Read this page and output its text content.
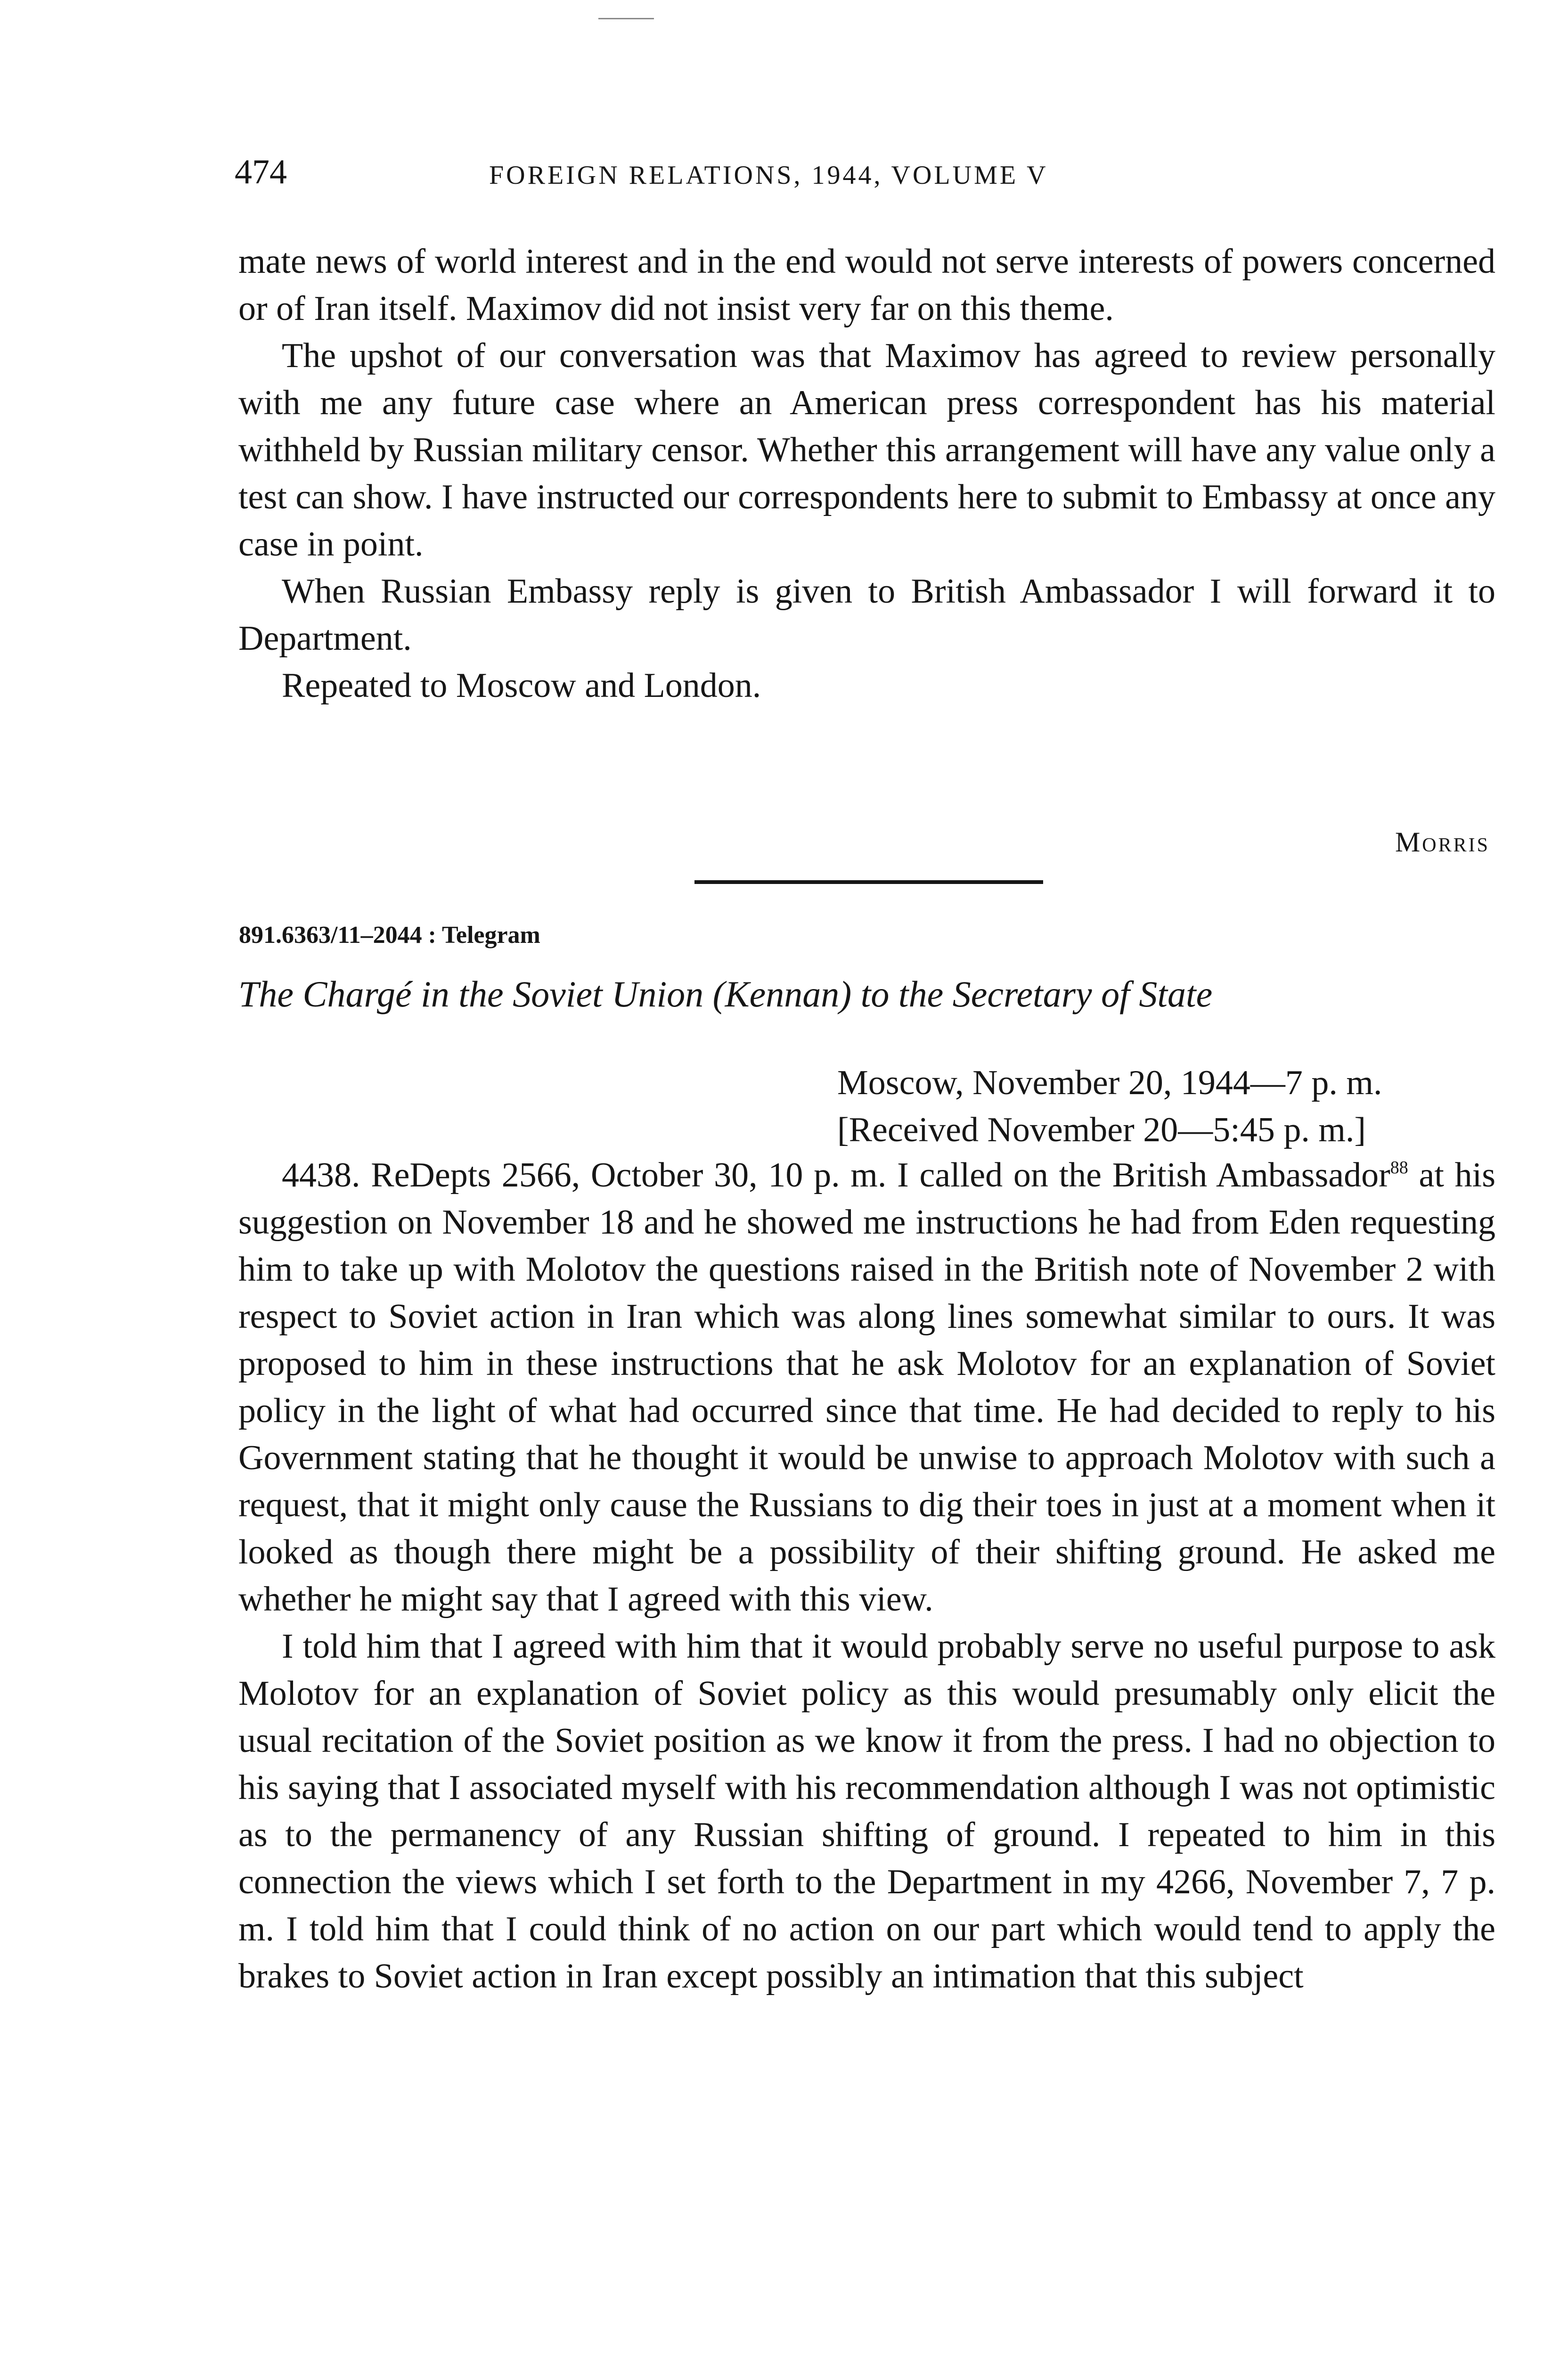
474	FOREIGN RELATIONS, 1944, VOLUME V

mate news of world interest and in the end would not serve interests of powers concerned or of Iran itself. Maximov did not insist very far on this theme.

The upshot of our conversation was that Maximov has agreed to review personally with me any future case where an American press correspondent has his material withheld by Russian military censor. Whether this arrangement will have any value only a test can show. I have instructed our correspondents here to submit to Embassy at once any case in point.

When Russian Embassy reply is given to British Ambassador I will forward it to Department.

Repeated to Moscow and London.

Morris
891.6363/11–2044 : Telegram
The Chargé in the Soviet Union (Kennan) to the Secretary of State
Moscow, November 20, 1944—7 p. m.
[Received November 20—5:45 p. m.]

4438. ReDepts 2566, October 30, 10 p. m. I called on the British Ambassador$^{88}$ at his suggestion on November 18 and he showed me instructions he had from Eden requesting him to take up with Molotov the questions raised in the British note of November 2 with respect to Soviet action in Iran which was along lines somewhat similar to ours. It was proposed to him in these instructions that he ask Molotov for an explanation of Soviet policy in the light of what had occurred since that time. He had decided to reply to his Government stating that he thought it would be unwise to approach Molotov with such a request, that it might only cause the Russians to dig their toes in just at a moment when it looked as though there might be a possibility of their shifting ground. He asked me whether he might say that I agreed with this view.

I told him that I agreed with him that it would probably serve no useful purpose to ask Molotov for an explanation of Soviet policy as this would presumably only elicit the usual recitation of the Soviet position as we know it from the press. I had no objection to his saying that I associated myself with his recommendation although I was not optimistic as to the permanency of any Russian shifting of ground. I repeated to him in this connection the views which I set forth to the Department in my 4266, November 7, 7 p. m. I told him that I could think of no action on our part which would tend to apply the brakes to Soviet action in Iran except possibly an intimation that this subject
